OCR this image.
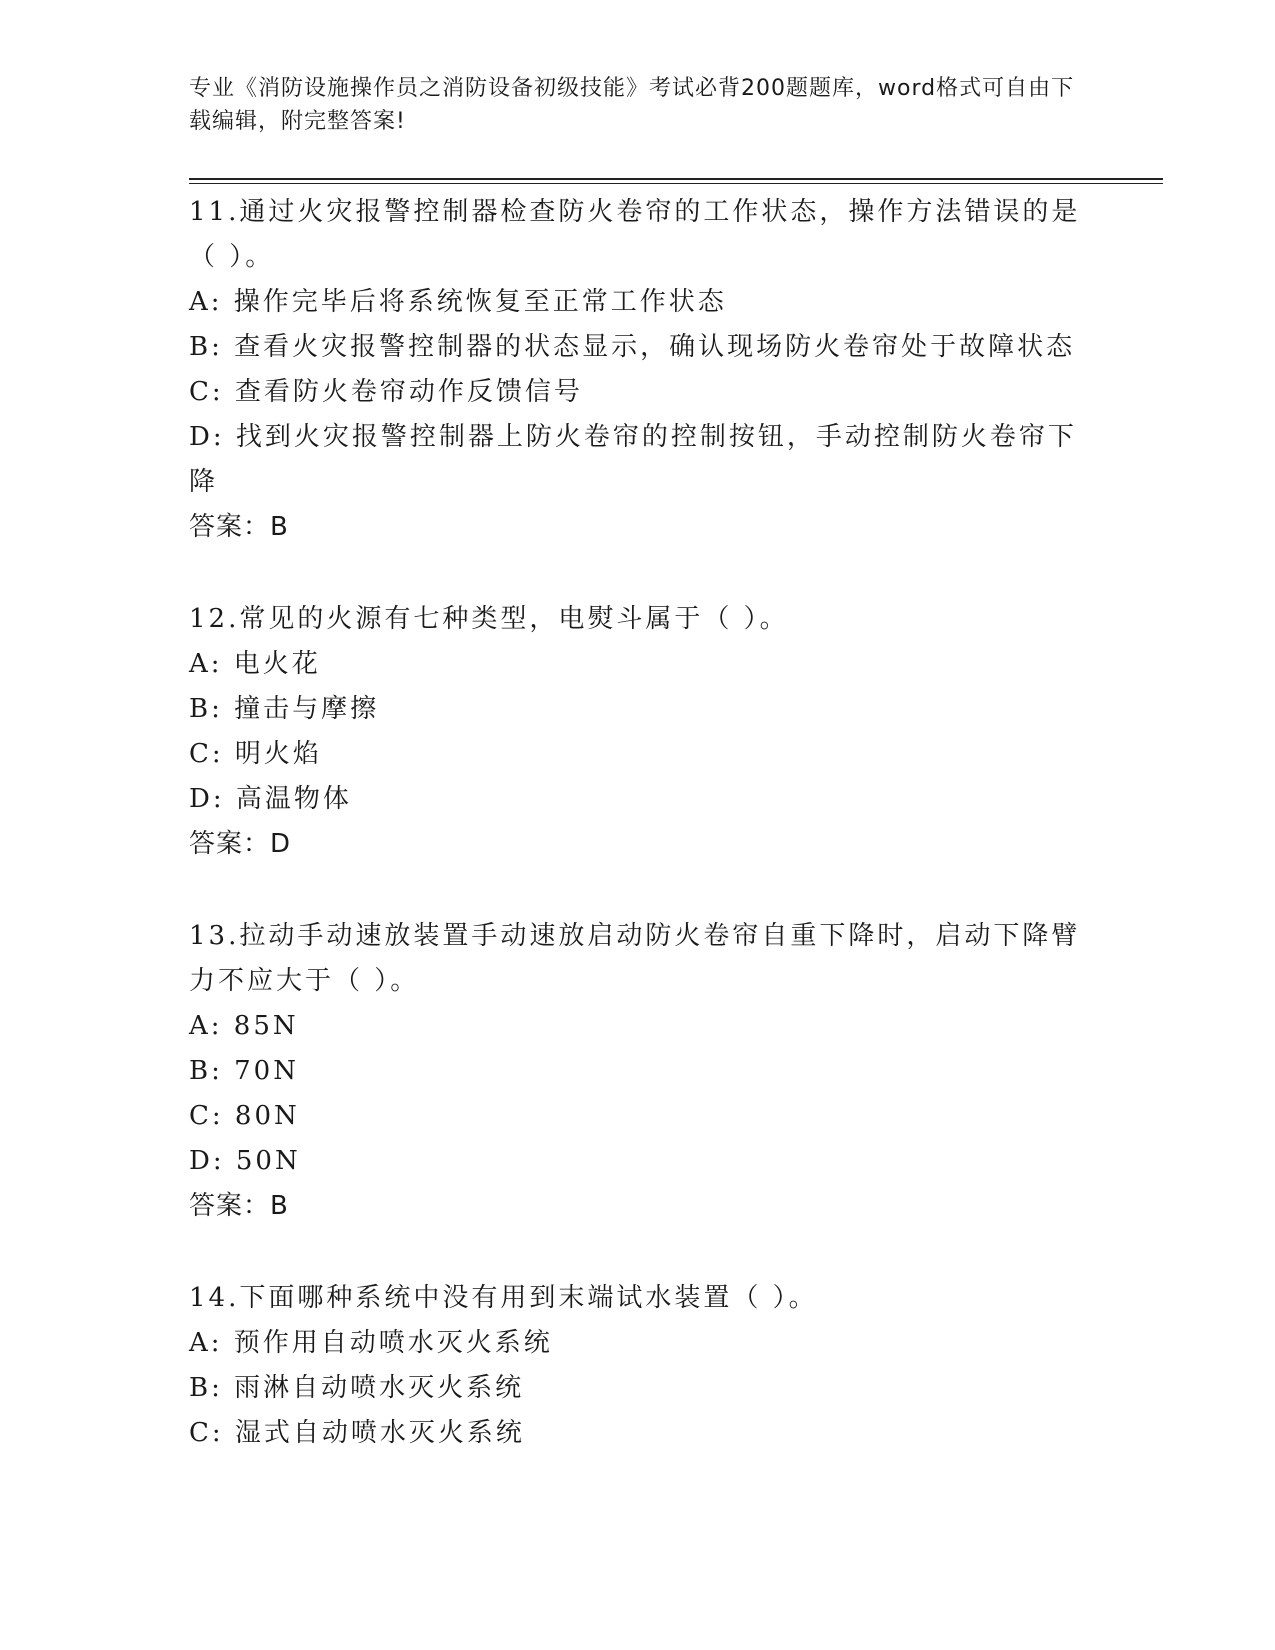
专业《消防设施操作员之消防设备初级技能》考试必背200题题库，word格式可自由下载编辑，附完整答案!

11.通过火灾报警控制器检查防火卷帘的工作状态，操作方法错误的是（ ）。

A: 操作完毕后将系统恢复至正常工作状态

B: 查看火灾报警控制器的状态显示，确认现场防火卷帘处于故障状态

C: 查看防火卷帘动作反馈信号

D: 找到火灾报警控制器上防火卷帘的控制按钮，手动控制防火卷帘下降

答案：B

12.常见的火源有七种类型，电熨斗属于（ ）。

A: 电火花

B: 撞击与摩擦

C: 明火焰

D: 高温物体

答案：D

13.拉动手动速放装置手动速放启动防火卷帘自重下降时，启动下降臂力不应大于（ ）。

A: 85N

B: 70N

C: 80N

D: 50N

答案：B

14.下面哪种系统中没有用到末端试水装置（ ）。

A: 预作用自动喷水灭火系统

B: 雨淋自动喷水灭火系统

C: 湿式自动喷水灭火系统
